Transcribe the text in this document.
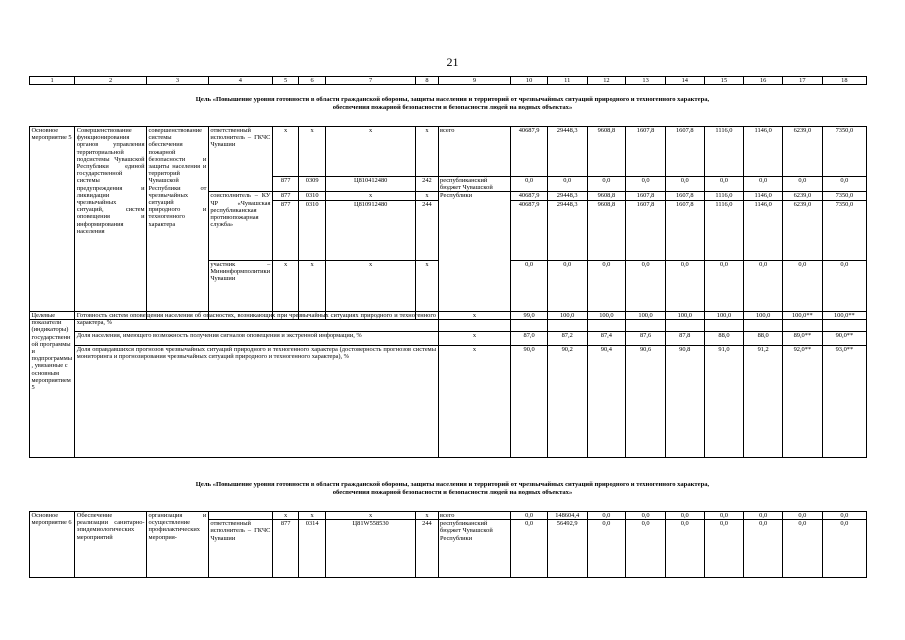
21
1	2	3	4	5	6	7	8	9	10	11	12	13	14	15	16	17	18
Цель «Повышение уровня готовности в области гражданской обороны, защиты населения и территорий от чрезвычайных ситуаций природного и техногенного характера,
обеспечения пожарной безопасности и безопасности людей на водных объектах»
Основное мероприятие 5	Совершенствование функционирования органов управления территориальной подсистемы Чувашской Республики единой государственной системы предупреждения и ликвидации чрезвычайных ситуаций, систем оповещения и информирования населения	совершенствование системы обеспечения пожарной безопасности и защиты населения и территорий Чувашской Республики от чрезвычайных ситуаций природного и техногенного характера	ответственный исполнитель – ГКЧС Чувашии	x	x	x	x	всего	40687,9	29448,3	9608,8	1607,8	1607,8	1116,0	1146,0	6239,0	7350,0
				877	0309	Ц810412480	242	республиканский бюджет Чувашской	0,0	0,0	0,0	0,0	0,0	0,0	0,0	0,0	0,0
			соисполнитель – КУ ЧР «Чувашская республиканская противопожарная служба»	877	0310	x	x	Республики	40687,9	29448,3	9608,8	1607,8	1607,8	1116,0	1146,0	6239,0	7350,0
				877	0310	Ц810912480	244		40687,9	29448,3	9608,8	1607,8	1607,8	1116,0	1146,0	6239,0	7350,0
			участник – Мининформполитики Чувашии	x	x	x	x		0,0	0,0	0,0	0,0	0,0	0,0	0,0	0,0	0,0
Целевые показатели (индикаторы) государственной программы и подпрограммы, увязанные с основным мероприятием 5	Готовность систем оповещения населения об опасностях, возникающих при чрезвычайных ситуациях природного и техногенного характера, %	x	99,0	100,0	100,0	100,0	100,0	100,0	100,0	100,0**	100,0**
	Доля населения, имеющего возможность получения сигналов оповещения и экстренной информации, %	x	87,0	87,2	87,4	87,6	87,8	88,0	88,0	89,0**	90,0**
	Доля оправдавшихся прогнозов чрезвычайных ситуаций природного и техногенного характера (достоверность прогнозов системы мониторинга и прогнозирования чрезвычайных ситуаций природного и техногенного характера), %	x	90,0	90,2	90,4	90,6	90,8	91,0	91,2	92,0**	93,0**
Цель «Повышение уровня готовности в области гражданской обороны, защиты населения и территорий от чрезвычайных ситуаций природного и техногенного характера,
обеспечения пожарной безопасности и безопасности людей на водных объектах»
Основное мероприятие 6	Обеспечение реализации санитарно-эпидемиологических мероприятий	организация и осуществление профилактических мероприя-		x	x	x	x	всего	0,0	148604,4	0,0	0,0	0,0	0,0	0,0	0,0	0,0
			ответственный исполнитель – ГКЧС Чувашии	877	0314	Ц81W558530	244	республиканский бюджет Чувашской Республики	0,0	56492,9	0,0	0,0	0,0	0,0	0,0	0,0	0,0
